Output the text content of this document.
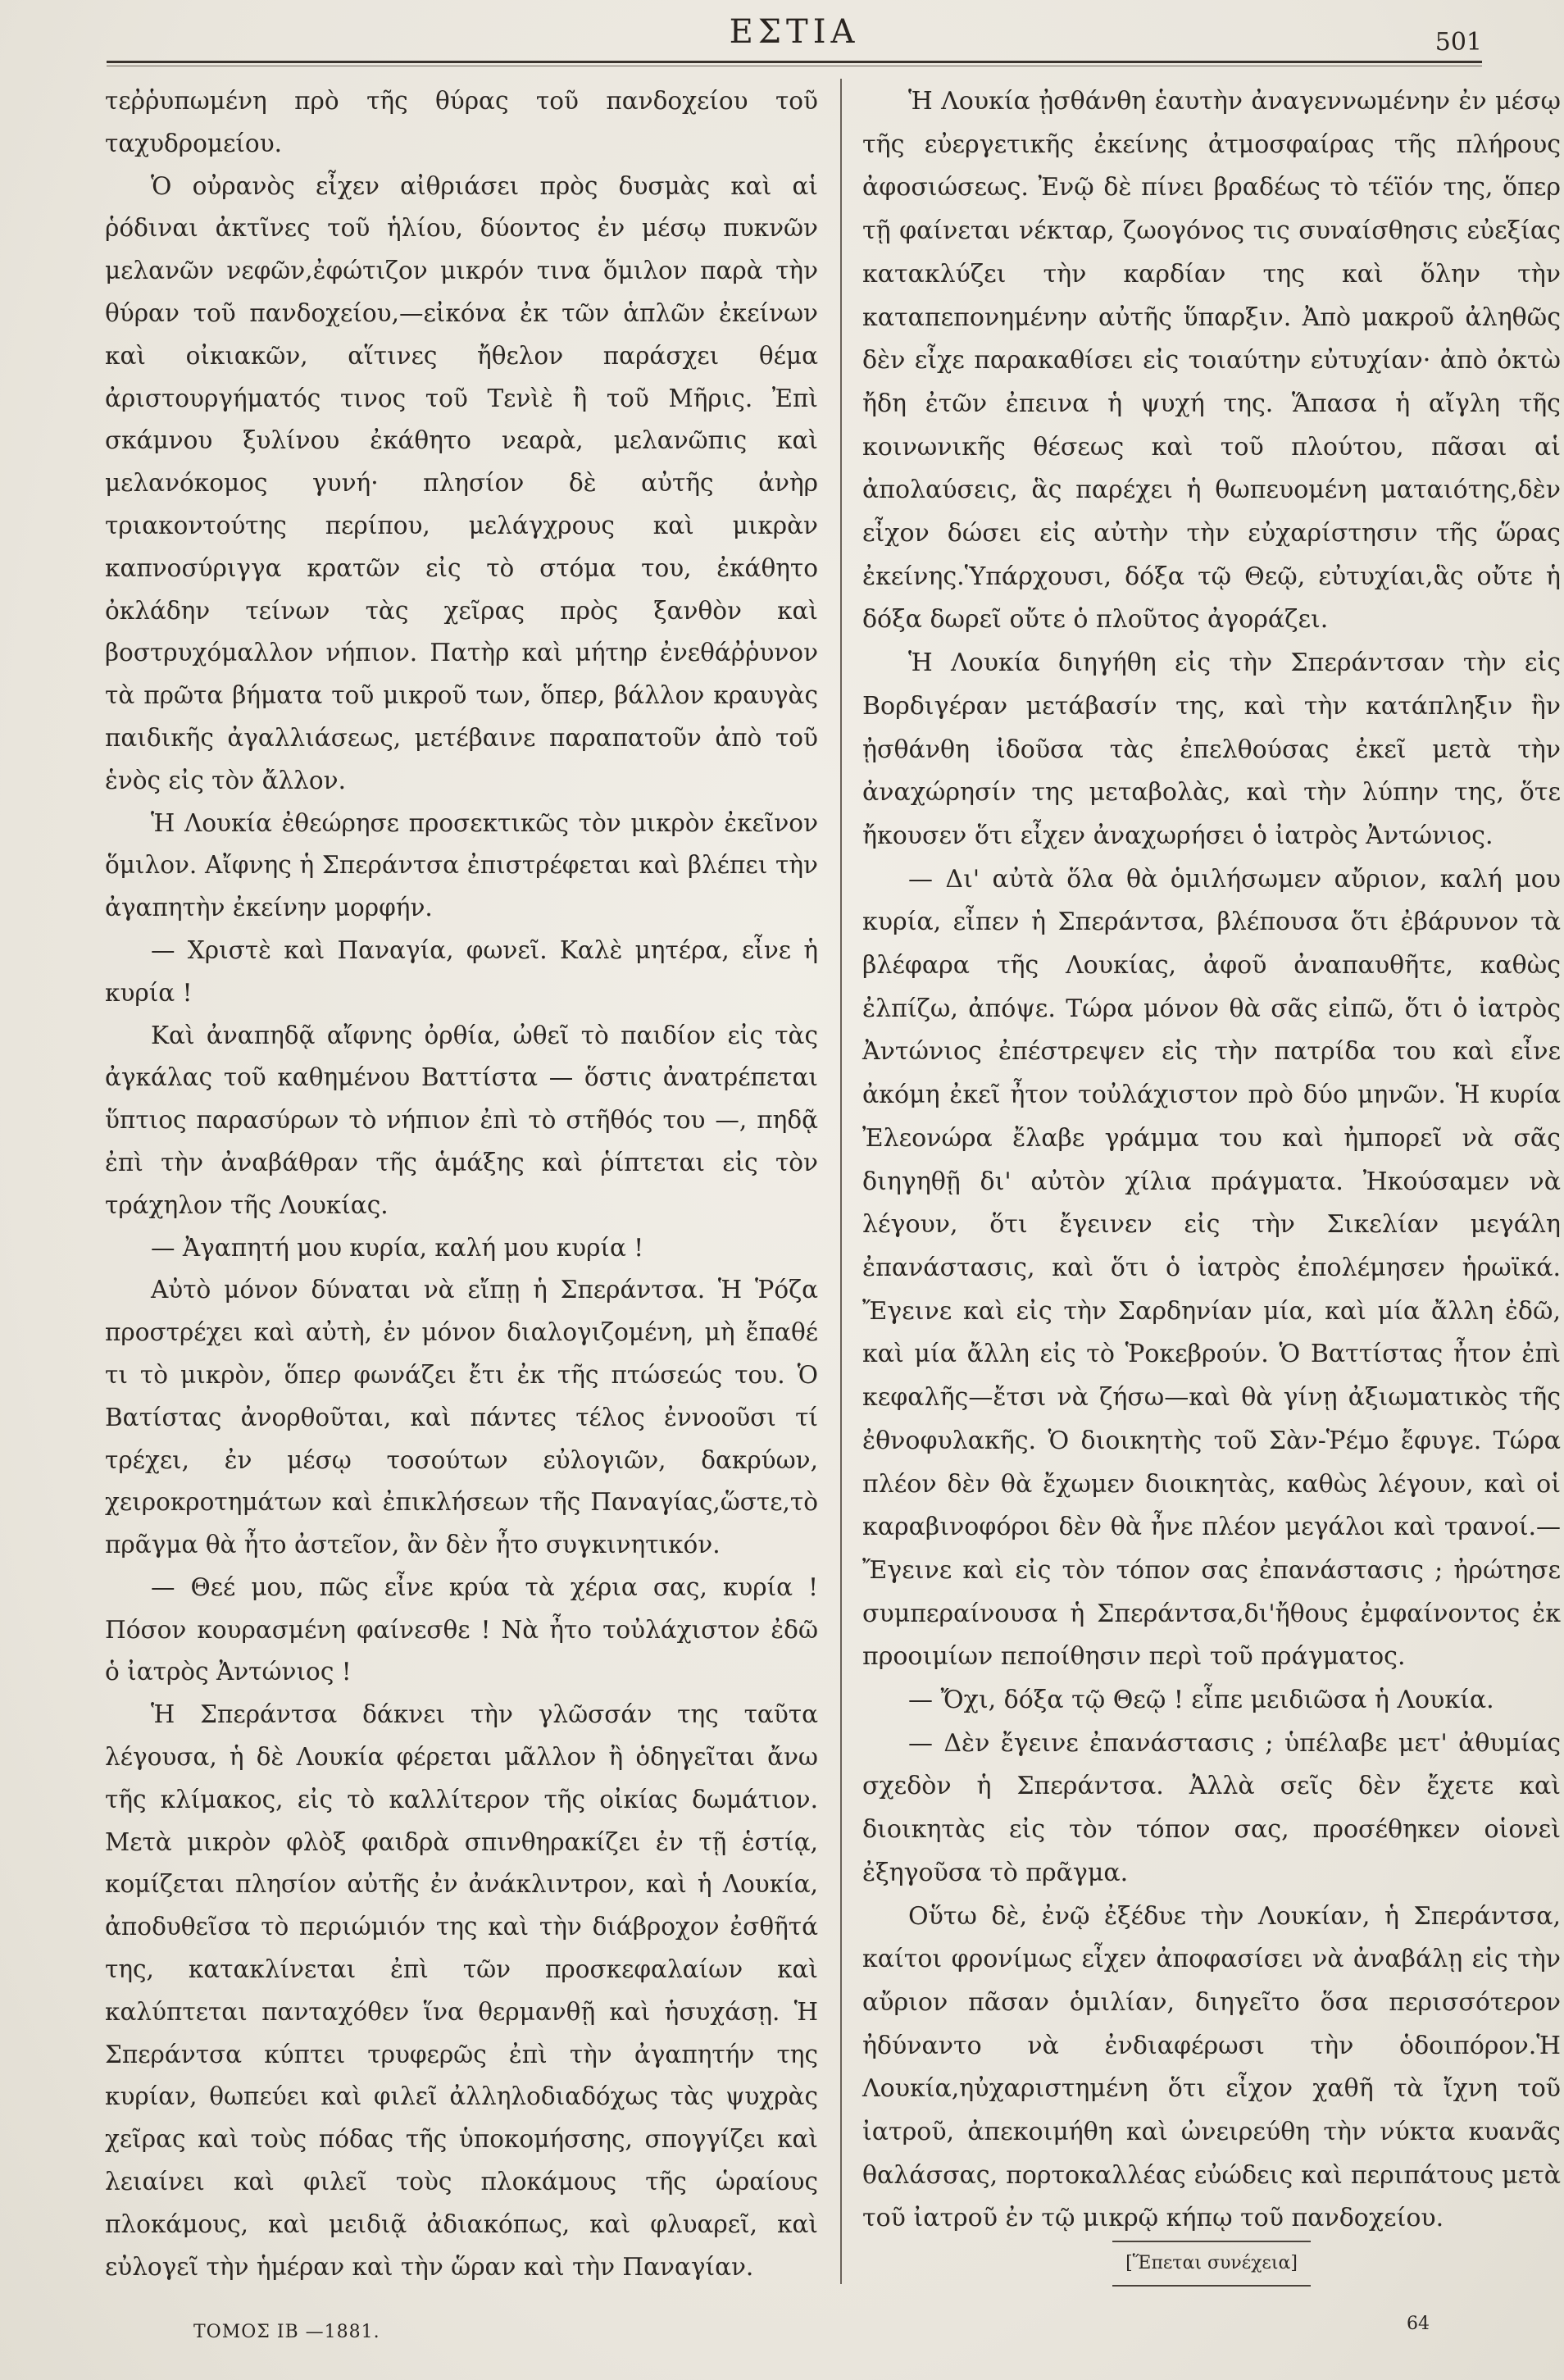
ΕΣΤΙΑ	501

τεῤῥυπωμένη πρὸ τῆς θύρας τοῦ πανδοχείου τοῦ ταχυδρομείου.

Ὁ οὐρανὸς εἶχεν αἰθριάσει πρὸς δυσμὰς καὶ αἱ ῥόδιναι ἀκτῖνες τοῦ ἡλίου, δύοντος ἐν μέσῳ πυκνῶν μελανῶν νεφῶν,ἐφώτιζον μικρόν τινα ὅμιλον παρὰ τὴν θύραν τοῦ πανδοχείου,—εἰκόνα ἐκ τῶν ἁπλῶν ἐκείνων καὶ οἰκιακῶν, αἵτινες ἤθελον παράσχει θέμα ἀριστουργήματός τινος τοῦ Τενὶὲ ἢ τοῦ Μῆρις. Ἐπὶ σκάμνου ξυλίνου ἐκάθητο νεαρὰ, μελανῶπις καὶ μελανόκομος γυνή· πλησίον δὲ αὐτῆς ἀνὴρ τριακοντούτης περίπου, μελάγχρους καὶ μικρὰν καπνοσύριγγα κρατῶν εἰς τὸ στόμα του, ἐκάθητο ὀκλάδην τείνων τὰς χεῖρας πρὸς ξανθὸν καὶ βοστρυχόμαλλον νήπιον. Πατὴρ καὶ μήτηρ ἐνεθάῤῥυνον τὰ πρῶτα βήματα τοῦ μικροῦ των, ὅπερ, βάλλον κραυγὰς παιδικῆς ἀγαλλιάσεως, μετέβαινε παραπατοῦν ἀπὸ τοῦ ἑνὸς εἰς τὸν ἄλλον.

Ἡ Λουκία ἐθεώρησε προσεκτικῶς τὸν μικρὸν ἐκεῖνον ὅμιλον. Αἴφνης ἡ Σπεράντσα ἐπιστρέφεται καὶ βλέπει τὴν ἀγαπητὴν ἐκείνην μορφήν.

— Χριστὲ καὶ Παναγία, φωνεῖ. Καλὲ μητέρα, εἶνε ἡ κυρία !

Καὶ ἀναπηδᾷ αἴφνης ὀρθία, ὠθεῖ τὸ παιδίον εἰς τὰς ἀγκάλας τοῦ καθημένου Βαττίστα — ὅστις ἀνατρέπεται ὕπτιος παρασύρων τὸ νήπιον ἐπὶ τὸ στῆθός του —, πηδᾷ ἐπὶ τὴν ἀναβάθραν τῆς ἁμάξης καὶ ῥίπτεται εἰς τὸν τράχηλον τῆς Λουκίας.

— Ἀγαπητή μου κυρία, καλή μου κυρία !

Αὐτὸ μόνον δύναται νὰ εἴπῃ ἡ Σπεράντσα. Ἡ Ῥόζα προστρέχει καὶ αὐτὴ, ἐν μόνον διαλογιζομένη, μὴ ἔπαθέ τι τὸ μικρὸν, ὅπερ φωνάζει ἔτι ἐκ τῆς πτώσεώς του. Ὁ Βατίστας ἀνορθοῦται, καὶ πάντες τέλος ἐννοοῦσι τί τρέχει, ἐν μέσῳ τοσούτων εὐλογιῶν, δακρύων, χειροκροτημάτων καὶ ἐπικλήσεων τῆς Παναγίας,ὥστε,τὸ πρᾶγμα θὰ ἦτο ἀστεῖον, ἂν δὲν ἦτο συγκινητικόν.

— Θεέ μου, πῶς εἶνε κρύα τὰ χέρια σας, κυρία ! Πόσον κουρασμένη φαίνεσθε ! Νὰ ἦτο τοὐλάχιστον ἐδῶ ὁ ἰατρὸς Ἀντώνιος !

Ἡ Σπεράντσα δάκνει τὴν γλῶσσάν της ταῦτα λέγουσα, ἡ δὲ Λουκία φέρεται μᾶλλον ἢ ὁδηγεῖται ἄνω τῆς κλίμακος, εἰς τὸ καλλίτερον τῆς οἰκίας δωμάτιον. Μετὰ μικρὸν φλὸξ φαιδρὰ σπινθηρακίζει ἐν τῇ ἑστίᾳ, κομίζεται πλησίον αὐτῆς ἐν ἀνάκλιντρον, καὶ ἡ Λουκία, ἀποδυθεῖσα τὸ περιώμιόν της καὶ τὴν διάβροχον ἐσθῆτά της, κατακλίνεται ἐπὶ τῶν προσκεφαλαίων καὶ καλύπτεται πανταχόθεν ἵνα θερμανθῇ καὶ ἡσυχάσῃ. Ἡ Σπεράντσα κύπτει τρυφερῶς ἐπὶ τὴν ἀγαπητήν της κυρίαν, θωπεύει καὶ φιλεῖ ἀλληλοδιαδόχως τὰς ψυχρὰς χεῖρας καὶ τοὺς πόδας τῆς ὑποκομήσσης, σπογγίζει καὶ λειαίνει καὶ φιλεῖ τοὺς πλοκάμους τῆς ὡραίους πλοκάμους, καὶ μειδιᾷ ἀδιακόπως, καὶ φλυαρεῖ, καὶ εὐλογεῖ τὴν ἡμέραν καὶ τὴν ὥραν καὶ τὴν Παναγίαν.

Ἡ Λουκία ᾐσθάνθη ἑαυτὴν ἀναγεννωμένην ἐν μέσῳ τῆς εὐεργετικῆς ἐκείνης ἀτμοσφαίρας τῆς πλήρους ἀφοσιώσεως. Ἐνῷ δὲ πίνει βραδέως τὸ τέϊόν της, ὅπερ τῇ φαίνεται νέκταρ, ζωογόνος τις συναίσθησις εὐεξίας κατακλύζει τὴν καρδίαν της καὶ ὅλην τὴν καταπεπονημένην αὐτῆς ὕπαρξιν. Ἀπὸ μακροῦ ἀληθῶς δὲν εἶχε παρακαθίσει εἰς τοιαύτην εὐτυχίαν· ἀπὸ ὀκτὼ ἤδη ἐτῶν ἐπεινα ἡ ψυχή της. Ἅπασα ἡ αἴγλη τῆς κοινωνικῆς θέσεως καὶ τοῦ πλούτου, πᾶσαι αἱ ἀπολαύσεις, ἃς παρέχει ἡ θωπευομένη ματαιότης,δὲν εἶχον δώσει εἰς αὐτὴν τὴν εὐχαρίστησιν τῆς ὥρας ἐκείνης.Ὑπάρχουσι, δόξα τῷ Θεῷ, εὐτυχίαι,ἃς οὔτε ἡ δόξα δωρεῖ οὔτε ὁ πλοῦτος ἀγοράζει.

Ἡ Λουκία διηγήθη εἰς τὴν Σπεράντσαν τὴν εἰς Βορδιγέραν μετάβασίν της, καὶ τὴν κατάπληξιν ἣν ᾐσθάνθη ἰδοῦσα τὰς ἐπελθούσας ἐκεῖ μετὰ τὴν ἀναχώρησίν της μεταβολὰς, καὶ τὴν λύπην της, ὅτε ἤκουσεν ὅτι εἶχεν ἀναχωρήσει ὁ ἰατρὸς Ἀντώνιος.

— Δι' αὐτὰ ὅλα θὰ ὁμιλήσωμεν αὔριον, καλή μου κυρία, εἶπεν ἡ Σπεράντσα, βλέπουσα ὅτι ἐβάρυνον τὰ βλέφαρα τῆς Λουκίας, ἀφοῦ ἀναπαυθῆτε, καθὼς ἐλπίζω, ἀπόψε. Τώρα μόνον θὰ σᾶς εἰπῶ, ὅτι ὁ ἰατρὸς Ἀντώνιος ἐπέστρεψεν εἰς τὴν πατρίδα του καὶ εἶνε ἀκόμη ἐκεῖ ἦτον τοὐλάχιστον πρὸ δύο μηνῶν. Ἡ κυρία Ἐλεονώρα ἔλαβε γράμμα του καὶ ἠμπορεῖ νὰ σᾶς διηγηθῇ δι' αὐτὸν χίλια πράγματα. Ἠκούσαμεν νὰ λέγουν, ὅτι ἔγεινεν εἰς τὴν Σικελίαν μεγάλη ἐπανάστασις, καὶ ὅτι ὁ ἰατρὸς ἐπολέμησεν ἡρωϊκά. Ἔγεινε καὶ εἰς τὴν Σαρδηνίαν μία, καὶ μία ἄλλη ἐδῶ, καὶ μία ἄλλη εἰς τὸ Ῥοκεβρούν. Ὁ Βαττίστας ἦτον ἐπὶ κεφαλῆς—ἔτσι νὰ ζήσω—καὶ θὰ γίνῃ ἀξιωματικὸς τῆς ἐθνοφυλακῆς. Ὁ διοικητὴς τοῦ Σὰν-Ῥέμο ἔφυγε. Τώρα πλέον δὲν θὰ ἔχωμεν διοικητὰς, καθὼς λέγουν, καὶ οἱ καραβινοφόροι δὲν θὰ ἦνε πλέον μεγάλοι καὶ τρανοί.—Ἔγεινε καὶ εἰς τὸν τόπον σας ἐπανάστασις ; ἠρώτησε συμπεραίνουσα ἡ Σπεράντσα,δι'ἤθους ἐμφαίνοντος ἐκ προοιμίων πεποίθησιν περὶ τοῦ πράγματος.

— Ὄχι, δόξα τῷ Θεῷ ! εἶπε μειδιῶσα ἡ Λουκία.

— Δὲν ἔγεινε ἐπανάστασις ; ὑπέλαβε μετ' ἀθυμίας σχεδὸν ἡ Σπεράντσα. Ἀλλὰ σεῖς δὲν ἔχετε καὶ διοικητὰς εἰς τὸν τόπον σας, προσέθηκεν οἱονεὶ ἐξηγοῦσα τὸ πρᾶγμα.

Οὕτω δὲ, ἐνῷ ἐξέδυε τὴν Λουκίαν, ἡ Σπεράντσα, καίτοι φρονίμως εἶχεν ἀποφασίσει νὰ ἀναβάλῃ εἰς τὴν αὔριον πᾶσαν ὁμιλίαν, διηγεῖτο ὅσα περισσότερον ἠδύναντο νὰ ἐνδιαφέρωσι τὴν ὁδοιπόρον.Ἡ Λουκία,ηὐχαριστημένη ὅτι εἶχον χαθῆ τὰ ἴχνη τοῦ ἰατροῦ, ἀπεκοιμήθη καὶ ὠνειρεύθη τὴν νύκτα κυανᾶς θαλάσσας, πορτοκαλλέας εὐώδεις καὶ περιπάτους μετὰ τοῦ ἰατροῦ ἐν τῷ μικρῷ κήπῳ τοῦ πανδοχείου.

[Ἕπεται συνέχεια]

ΤΟΜΟΣ ΙΒ —1881.	64
